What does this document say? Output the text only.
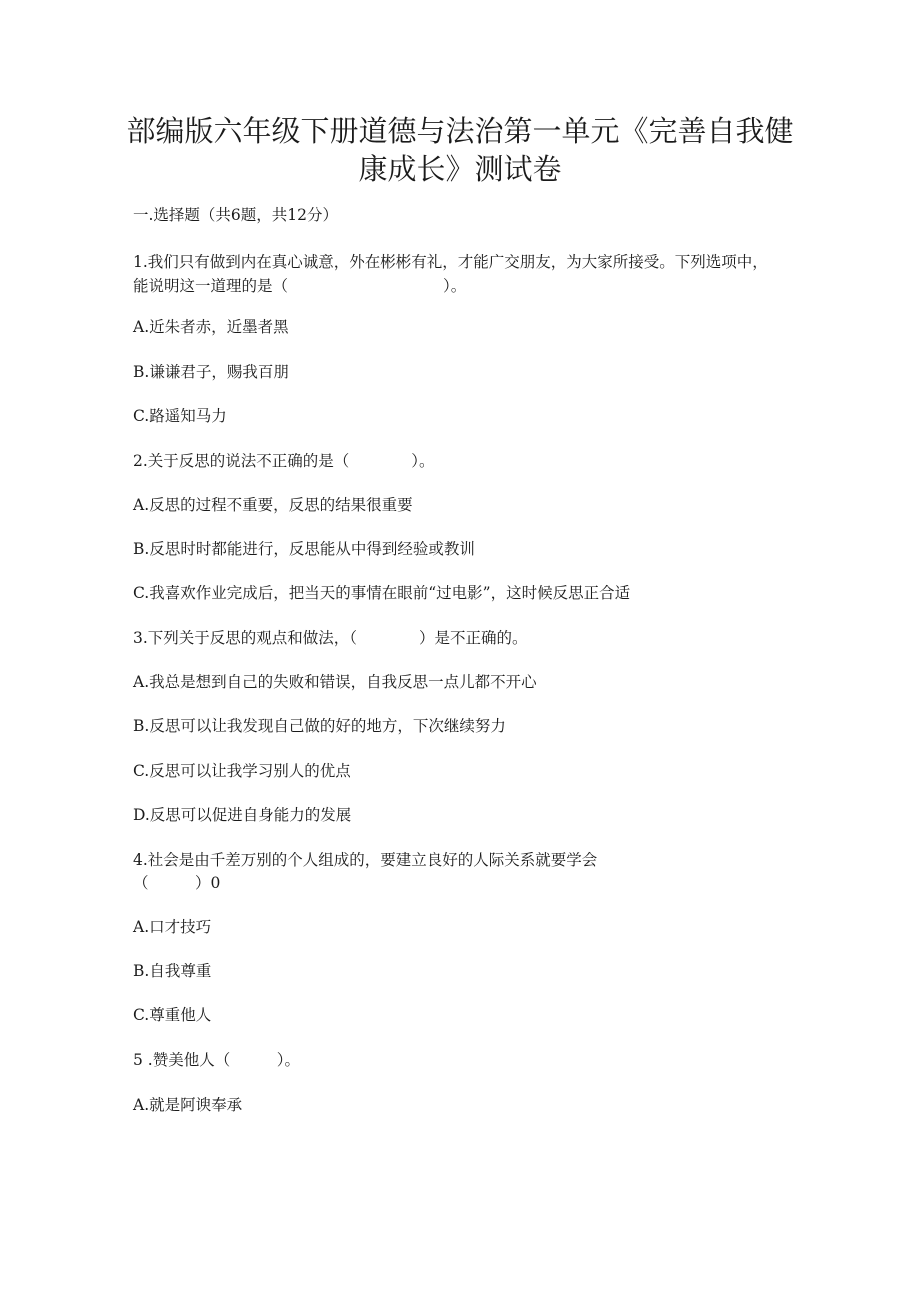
部编版六年级下册道德与法治第一单元《完善自我健康成长》测试卷

一.选择题（共6题，共12分）

1.我们只有做到内在真心诚意，外在彬彬有礼，才能广交朋友，为大家所接受。下列选项中，能说明这一道理的是（　　　　　　　　　　）。

A.近朱者赤，近墨者黑

B.谦谦君子，赐我百朋

C.路遥知马力

2.关于反思的说法不正确的是（　　　　）。

A.反思的过程不重要，反思的结果很重要

B.反思时时都能进行，反思能从中得到经验或教训

C.我喜欢作业完成后，把当天的事情在眼前“过电影”，这时候反思正合适

3.下列关于反思的观点和做法，（　　　　）是不正确的。

A.我总是想到自己的失败和错误，自我反思一点儿都不开心

B.反思可以让我发现自己做的好的地方，下次继续努力

C.反思可以让我学习别人的优点

D.反思可以促进自身能力的发展

4.社会是由千差万别的个人组成的，要建立良好的人际关系就要学会

（　　　）0

A.口才技巧

B.自我尊重

C.尊重他人

5 .赞美他人（　　　）。

A.就是阿谀奉承
